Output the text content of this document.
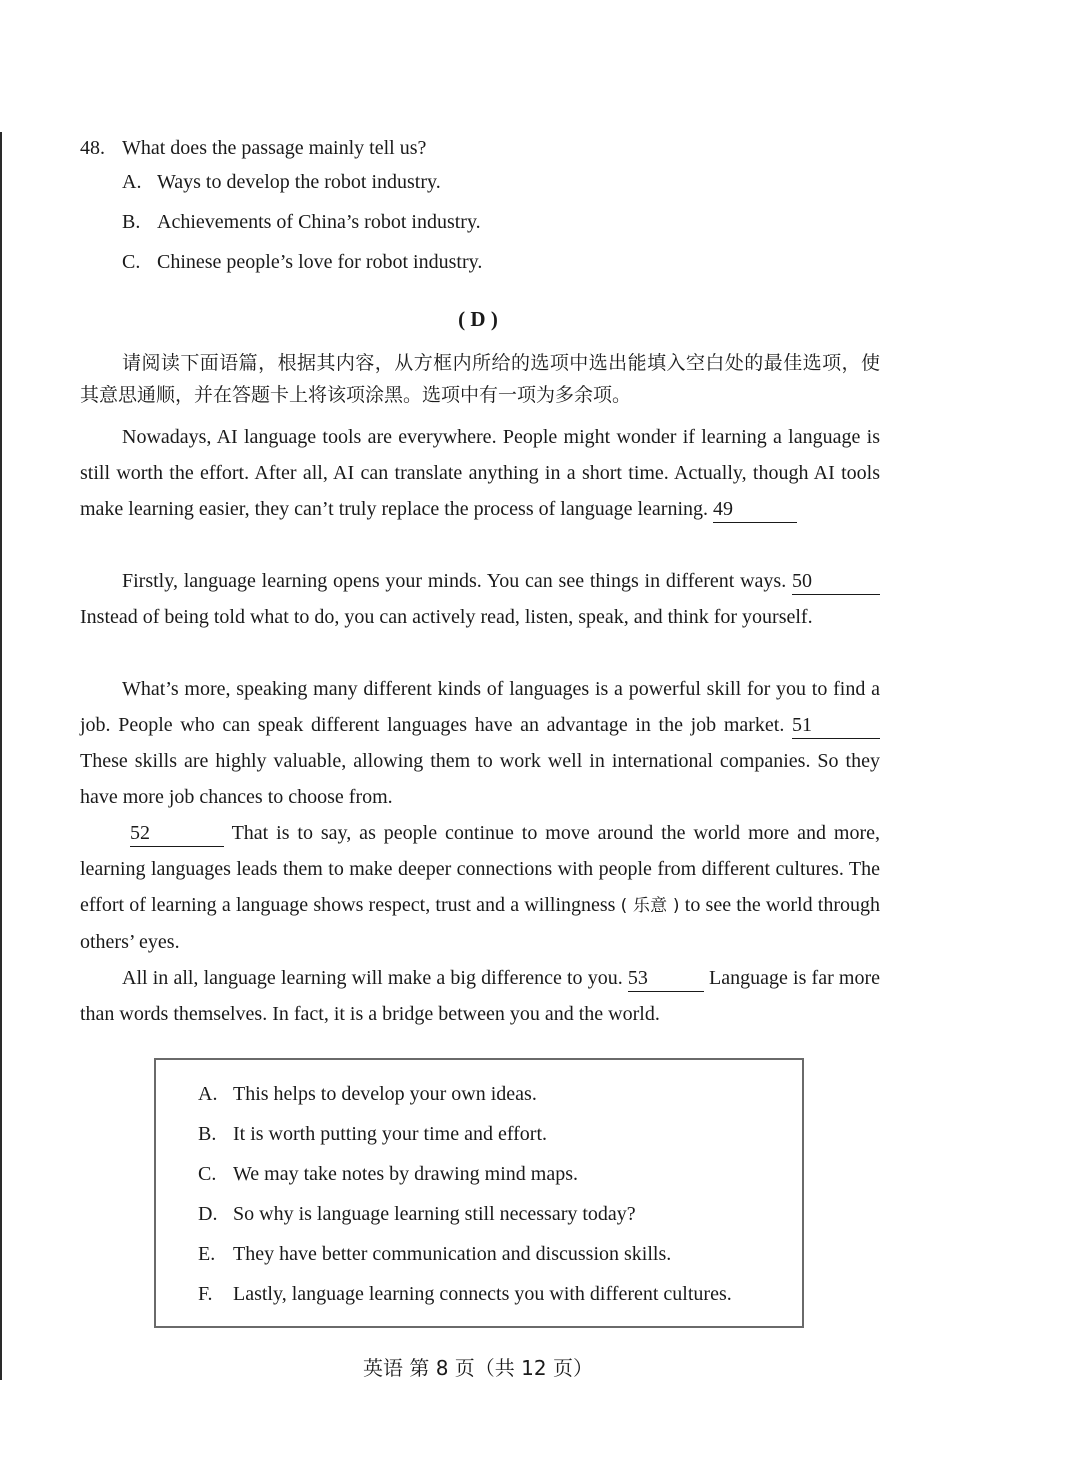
48. What does the passage mainly tell us?
A. Ways to develop the robot industry.
B. Achievements of China’s robot industry.
C. Chinese people’s love for robot industry.
( D )
请阅读下面语篇，根据其内容，从方框内所给的选项中选出能填入空白处的最佳选项，使其意思通顺，并在答题卡上将该项涂黑。选项中有一项为多余项。
Nowadays, AI language tools are everywhere. People might wonder if learning a language is still worth the effort. After all, AI can translate anything in a short time. Actually, though AI tools make learning easier, they can’t truly replace the process of language learning. 49
Firstly, language learning opens your minds. You can see things in different ways. 50 Instead of being told what to do, you can actively read, listen, speak, and think for yourself.
What’s more, speaking many different kinds of languages is a powerful skill for you to find a job. People who can speak different languages have an advantage in the job market. 51 These skills are highly valuable, allowing them to work well in international companies. So they have more job chances to choose from.
52	That is to say, as people continue to move around the world more and more, learning languages leads them to make deeper connections with people from different cultures. The effort of learning a language shows respect, trust and a willingness ( 乐意 ) to see the world through others’ eyes.
All in all, language learning will make a big difference to you. 53	Language is far more than words themselves. In fact, it is a bridge between you and the world.
A. This helps to develop your own ideas.
B. It is worth putting your time and effort.
C. We may take notes by drawing mind maps.
D. So why is language learning still necessary today?
E. They have better communication and discussion skills.
F. Lastly, language learning connects you with different cultures.
英语 第 8 页（共 12 页）
